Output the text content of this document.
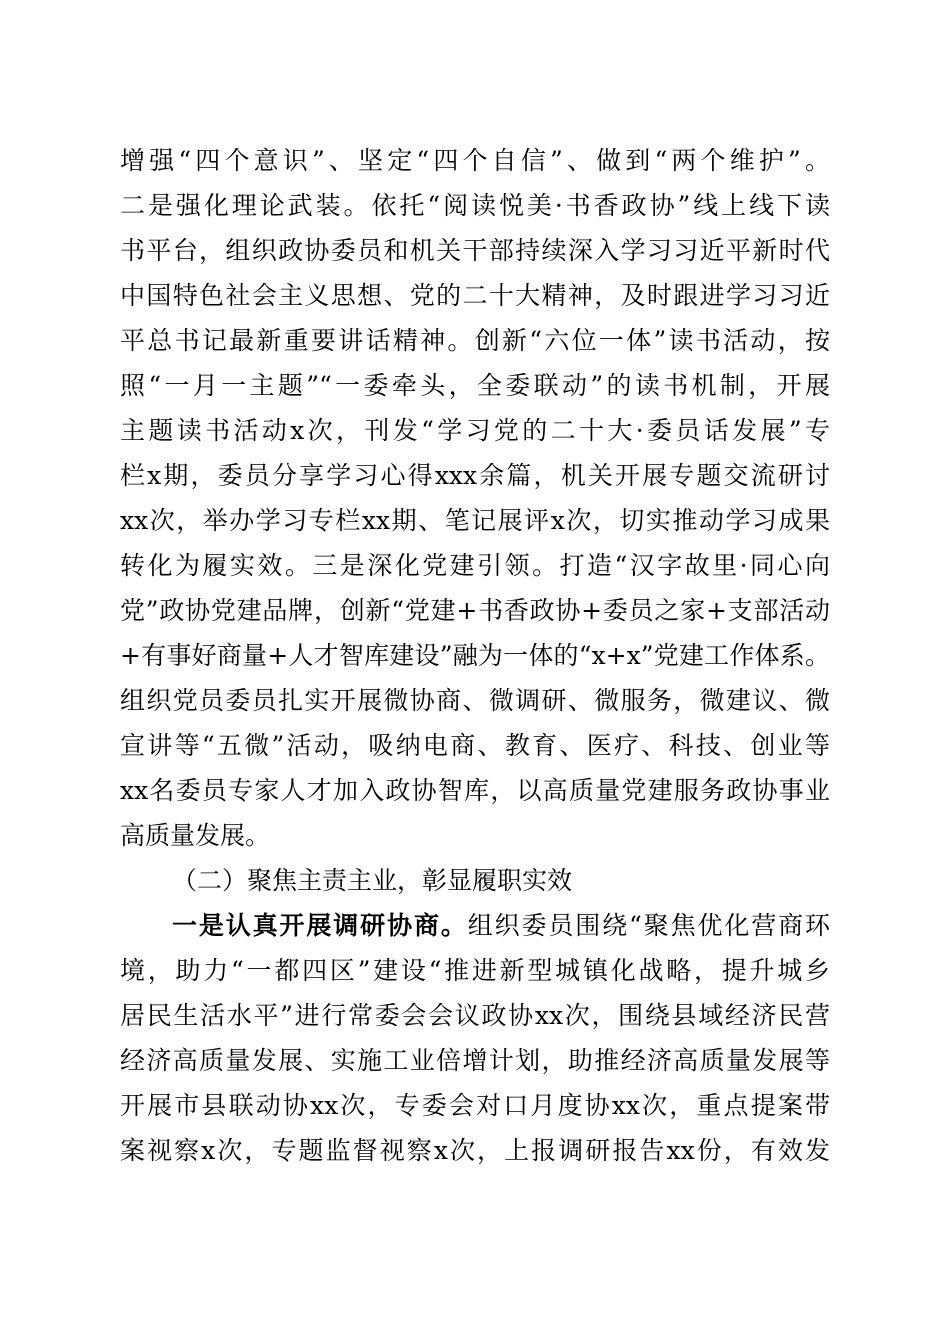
增强“四个意识”、坚定“四个自信”、做到“两个维护”。
二是强化理论武装。依托“阅读悦美·书香政协”线上线下读
书平台，组织政协委员和机关干部持续深入学习习近平新时代
中国特色社会主义思想、党的二十大精神，及时跟进学习习近
平总书记最新重要讲话精神。创新“六位一体”读书活动，按
照“一月一主题”“一委牵头，全委联动”的读书机制，开展
主题读书活动x次，刊发“学习党的二十大·委员话发展”专
栏x期，委员分享学习心得xxx余篇，机关开展专题交流研讨
xx次，举办学习专栏xx期、笔记展评x次，切实推动学习成果
转化为履实效。三是深化党建引领。打造“汉字故里·同心向
党”政协党建品牌，创新“党建+书香政协+委员之家+支部活动
+有事好商量+人才智库建设”融为一体的“x+x”党建工作体系。
组织党员委员扎实开展微协商、微调研、微服务，微建议、微
宣讲等“五微”活动，吸纳电商、教育、医疗、科技、创业等
xx名委员专家人才加入政协智库，以高质量党建服务政协事业
高质量发展。
（二）聚焦主责主业，彰显履职实效
一是认真开展调研协商。组织委员围绕“聚焦优化营商环
境，助力“一都四区”建设“推进新型城镇化战略，提升城乡
居民生活水平”进行常委会会议政协xx次，围绕县域经济民营
经济高质量发展、实施工业倍增计划，助推经济高质量发展等
开展市县联动协xx次，专委会对口月度协xx次，重点提案带
案视察x次，专题监督视察x次，上报调研报告xx份，有效发
